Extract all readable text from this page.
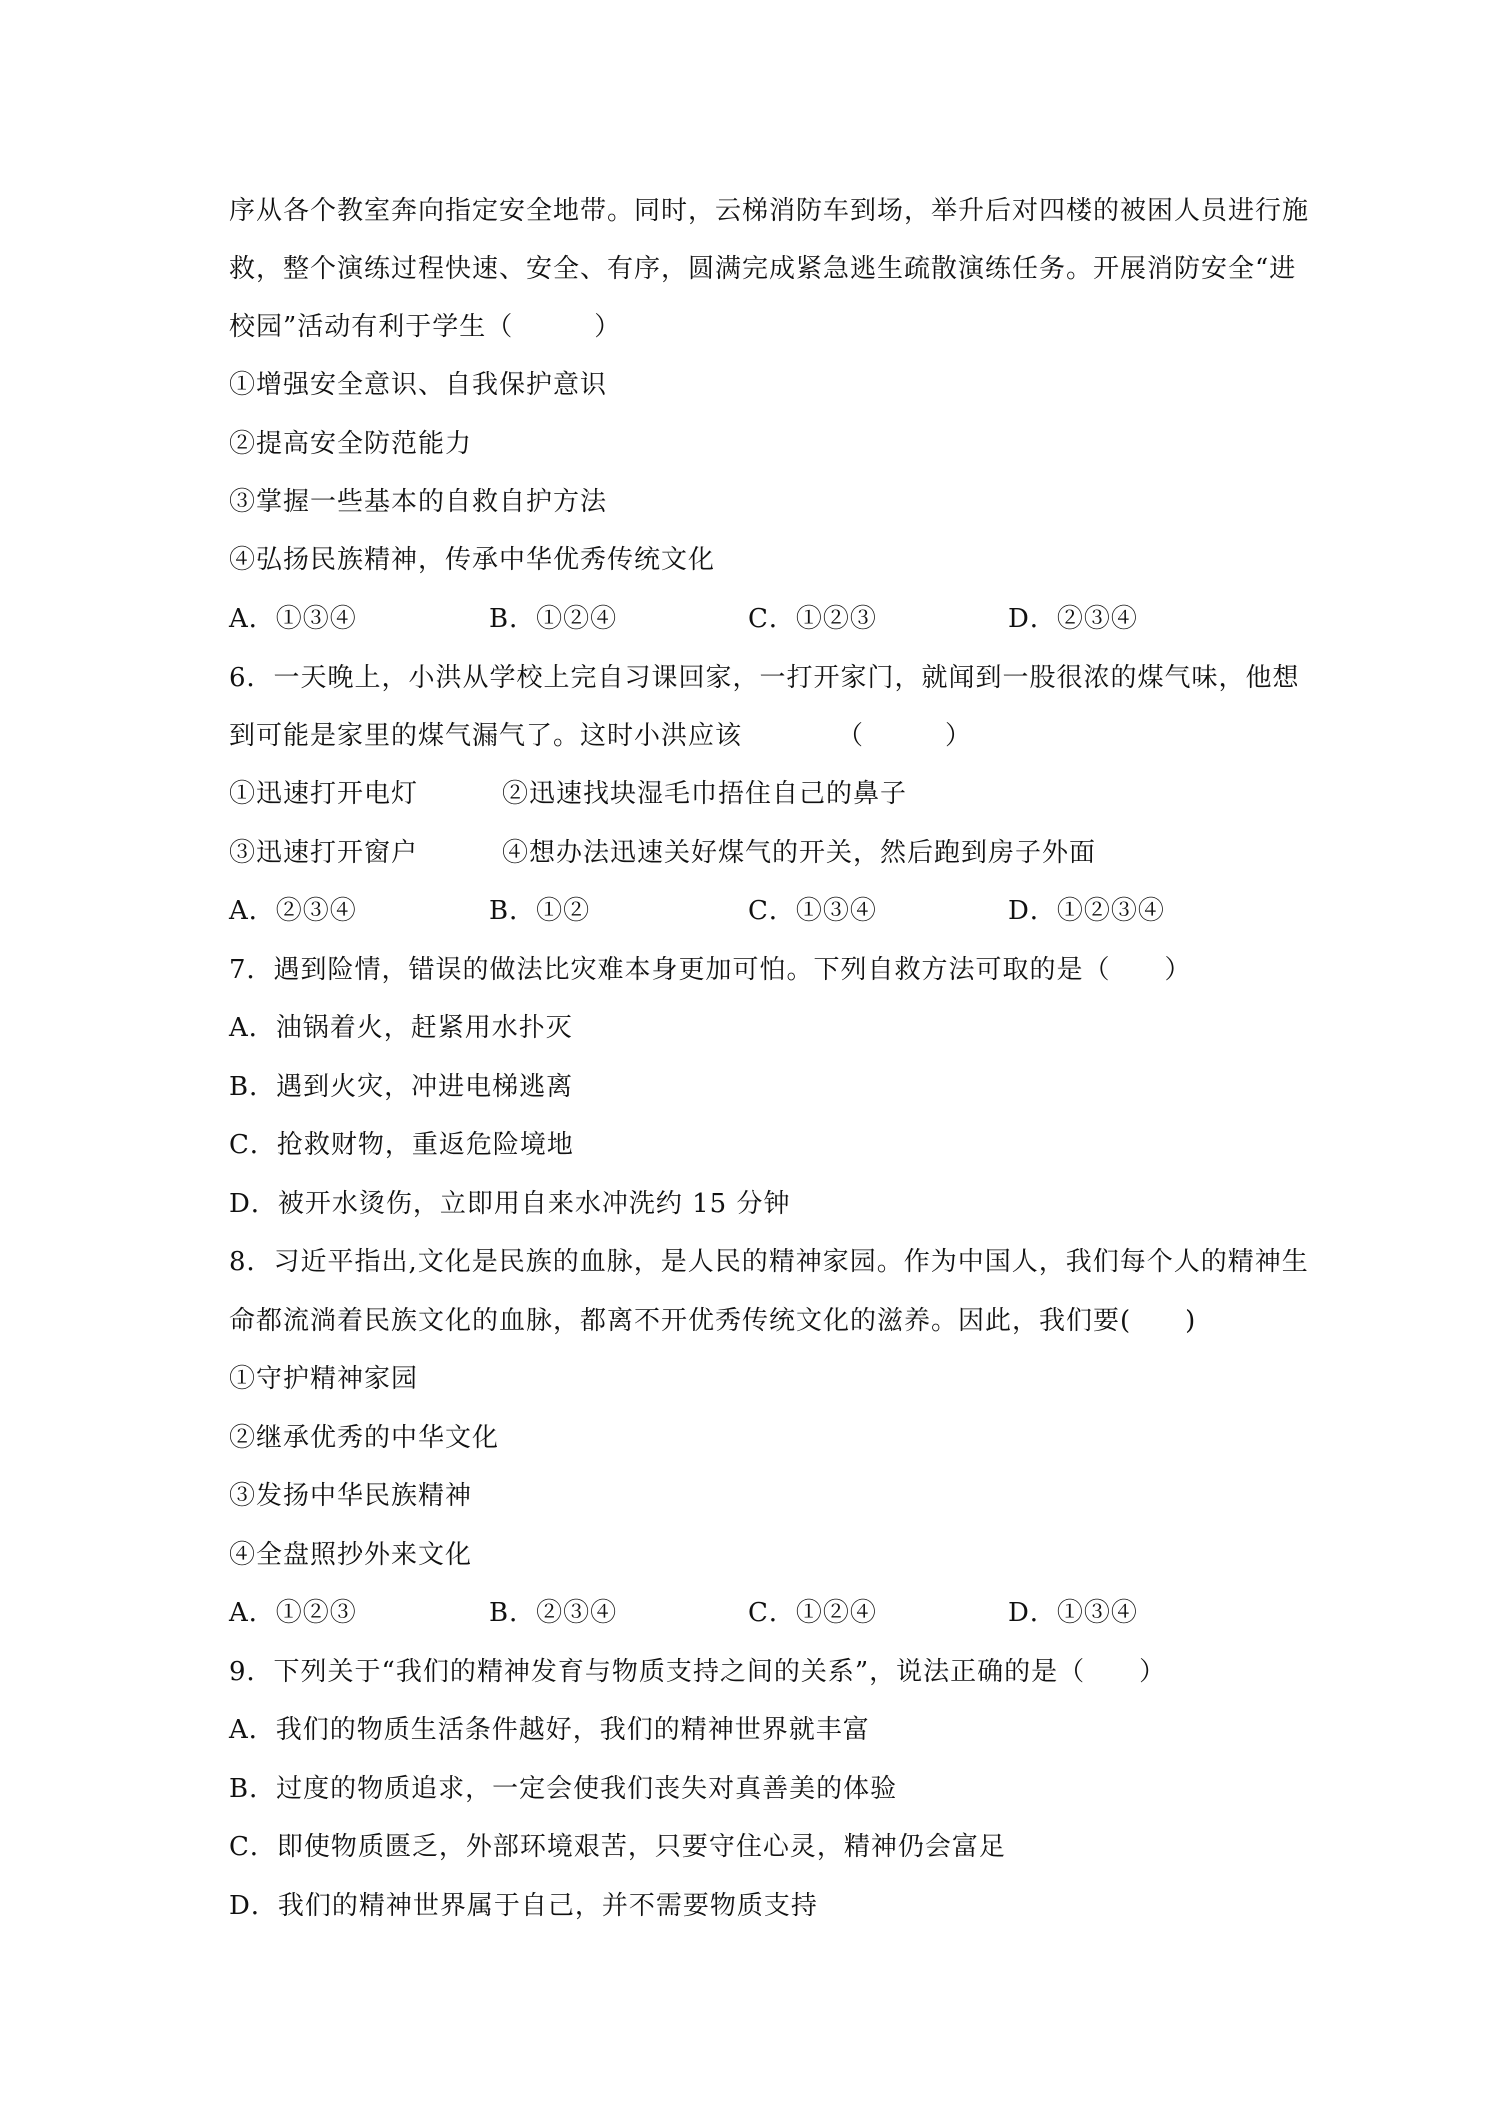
序从各个教室奔向指定安全地带。同时，云梯消防车到场，举升后对四楼的被困人员进行施
救，整个演练过程快速、安全、有序，圆满完成紧急逃生疏散演练任务。开展消防安全“进
校园”活动有利于学生（　　　）
①增强安全意识、自我保护意识
②提高安全防范能力
③掌握一些基本的自救自护方法
④弘扬民族精神，传承中华优秀传统文化
A．①③④	B．①②④	C．①②③	D．②③④
6．一天晚上，小洪从学校上完自习课回家，一打开家门，就闻到一股很浓的煤气味，他想
到可能是家里的煤气漏气了。这时小洪应该　　　　（　　　）
①迅速打开电灯	②迅速找块湿毛巾捂住自己的鼻子
③迅速打开窗户	④想办法迅速关好煤气的开关，然后跑到房子外面
A．②③④	B．①②	C．①③④	D．①②③④
7．遇到险情，错误的做法比灾难本身更加可怕。下列自救方法可取的是（　　）
A．油锅着火，赶紧用水扑灭
B．遇到火灾，冲进电梯逃离
C．抢救财物，重返危险境地
D．被开水烫伤，立即用自来水冲洗约 15 分钟
8．习近平指出,文化是民族的血脉，是人民的精神家园。作为中国人，我们每个人的精神生
命都流淌着民族文化的血脉，都离不开优秀传统文化的滋养。因此，我们要(　　)
①守护精神家园
②继承优秀的中华文化
③发扬中华民族精神
④全盘照抄外来文化
A．①②③	B．②③④	C．①②④	D．①③④
9．下列关于“我们的精神发育与物质支持之间的关系”，说法正确的是（　　）
A．我们的物质生活条件越好，我们的精神世界就丰富
B．过度的物质追求，一定会使我们丧失对真善美的体验
C．即使物质匮乏，外部环境艰苦，只要守住心灵，精神仍会富足
D．我们的精神世界属于自己，并不需要物质支持
